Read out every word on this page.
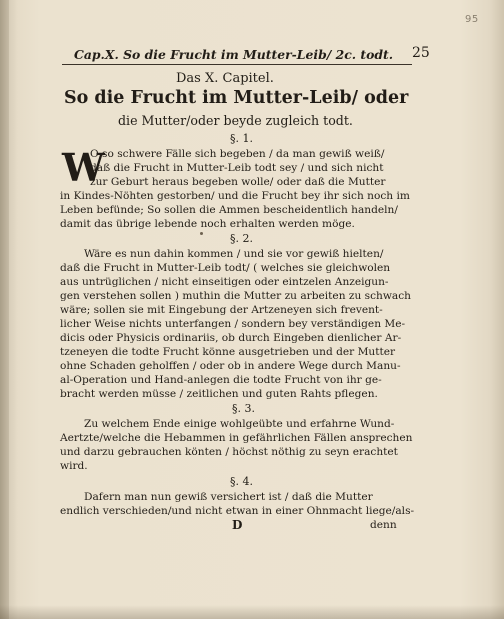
95
Cap.X. So die Frucht im Mutter-Leib/ 2c. todt.	25
Das X. Capitel.
So die Frucht im Mutter-Leib/ oder
die Mutter/oder beyde zugleich todt.
§. 1.
W
O so schwere Fälle sich begeben / da man gewiß weiß/
daß die Frucht in Mutter-Leib todt sey / und sich nicht
zur Geburt heraus begeben wolle/ oder daß die Mutter
in Kindes-Nöhten gestorben/ und die Frucht bey ihr sich noch im
Leben befünde; So sollen die Ammen bescheidentlich handeln/
damit das übrige lebende noch erhalten werden möge.
§. 2.
Wäre es nun dahin kommen / und sie vor gewiß hielten/
daß die Frucht in Mutter-Leib todt/ ( welches sie gleichwolen
aus untrüglichen / nicht einseitigen oder eintzelen Anzeigun-
gen verstehen sollen ) muthin die Mutter zu arbeiten zu schwach
wäre; sollen sie mit Eingebung der Artzeneyen sich frevent-
licher Weise nichts unterfangen / sondern bey verständigen Me-
dicis oder Physicis ordinariis, ob durch Eingeben dienlicher Ar-
tzeneyen die todte Frucht könne ausgetrieben und der Mutter
ohne Schaden geholffen / oder ob in andere Wege durch Manu-
al-Operation und Hand-anlegen die todte Frucht von ihr ge-
bracht werden müsse / zeitlichen und guten Rahts pflegen.
§. 3.
Zu welchem Ende einige wohlgeübte und erfahrne Wund-
Aertzte/welche die Hebammen in gefährlichen Fällen ansprechen
und darzu gebrauchen könten / höchst nöthig zu seyn erachtet
wird.
§. 4.
Dafern man nun gewiß versichert ist / daß die Mutter
endlich verschieden/und nicht etwan in einer Ohnmacht liege/als-
D	denn
